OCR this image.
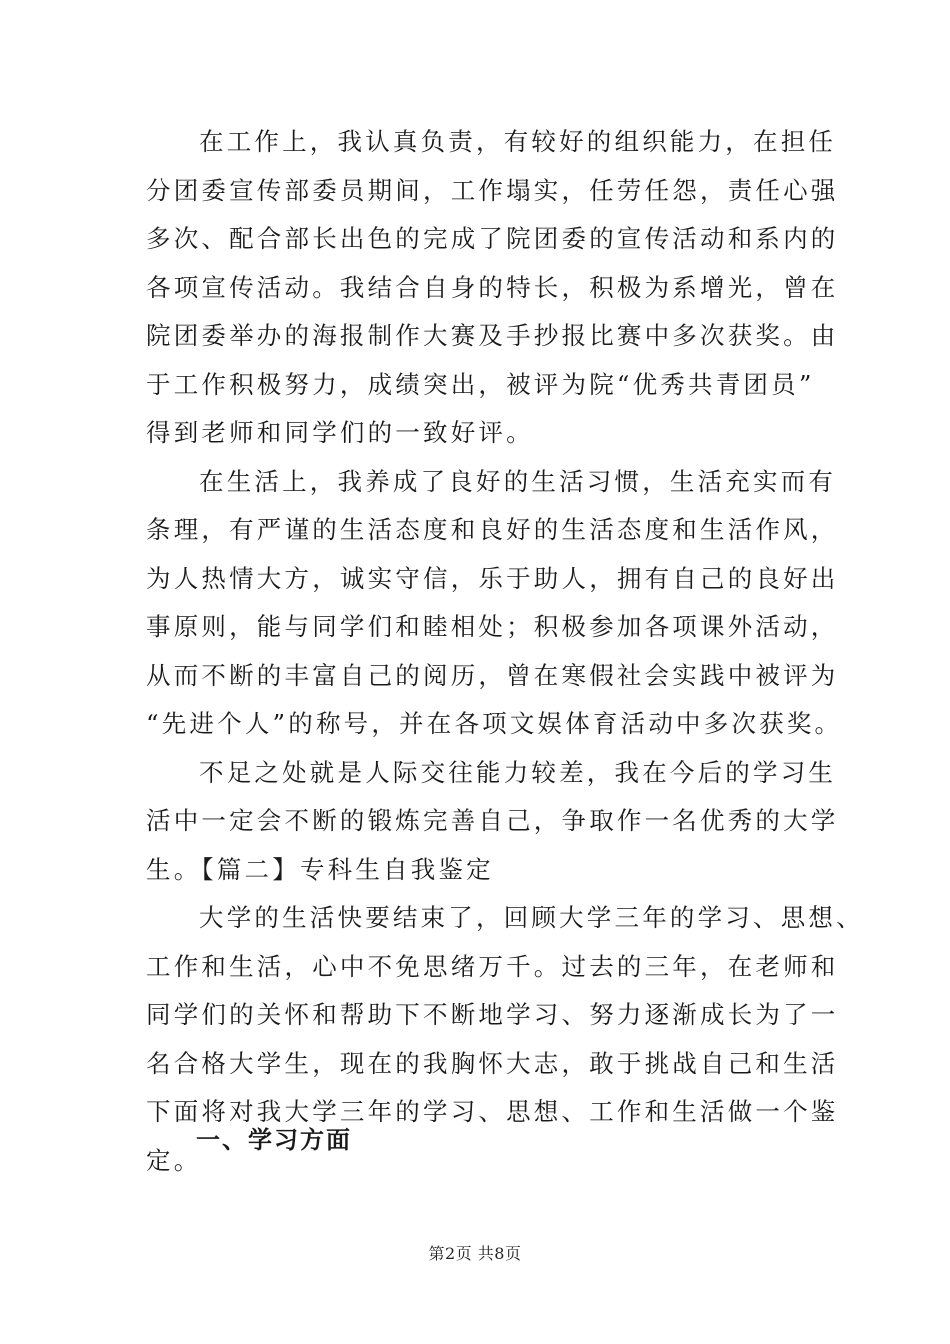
在工作上，我认真负责，有较好的组织能力，在担任
分团委宣传部委员期间，工作塌实，任劳任怨，责任心强
多次、配合部长出色的完成了院团委的宣传活动和系内的
各项宣传活动。我结合自身的特长，积极为系增光，曾在
院团委举办的海报制作大赛及手抄报比赛中多次获奖。由
于工作积极努力，成绩突出，被评为院“优秀共青团员”
得到老师和同学们的一致好评。
在生活上，我养成了良好的生活习惯，生活充实而有
条理，有严谨的生活态度和良好的生活态度和生活作风，
为人热情大方，诚实守信，乐于助人，拥有自己的良好出
事原则，能与同学们和睦相处；积极参加各项课外活动，
从而不断的丰富自己的阅历，曾在寒假社会实践中被评为
“先进个人”的称号，并在各项文娱体育活动中多次获奖。
不足之处就是人际交往能力较差，我在今后的学习生
活中一定会不断的锻炼完善自己，争取作一名优秀的大学
生。【篇二】专科生自我鉴定
大学的生活快要结束了，回顾大学三年的学习、思想、
工作和生活，心中不免思绪万千。过去的三年，在老师和
同学们的关怀和帮助下不断地学习、努力逐渐成长为了一
名合格大学生，现在的我胸怀大志，敢于挑战自己和生活
下面将对我大学三年的学习、思想、工作和生活做一个鉴
定。
一、学习方面
第2页 共8页
